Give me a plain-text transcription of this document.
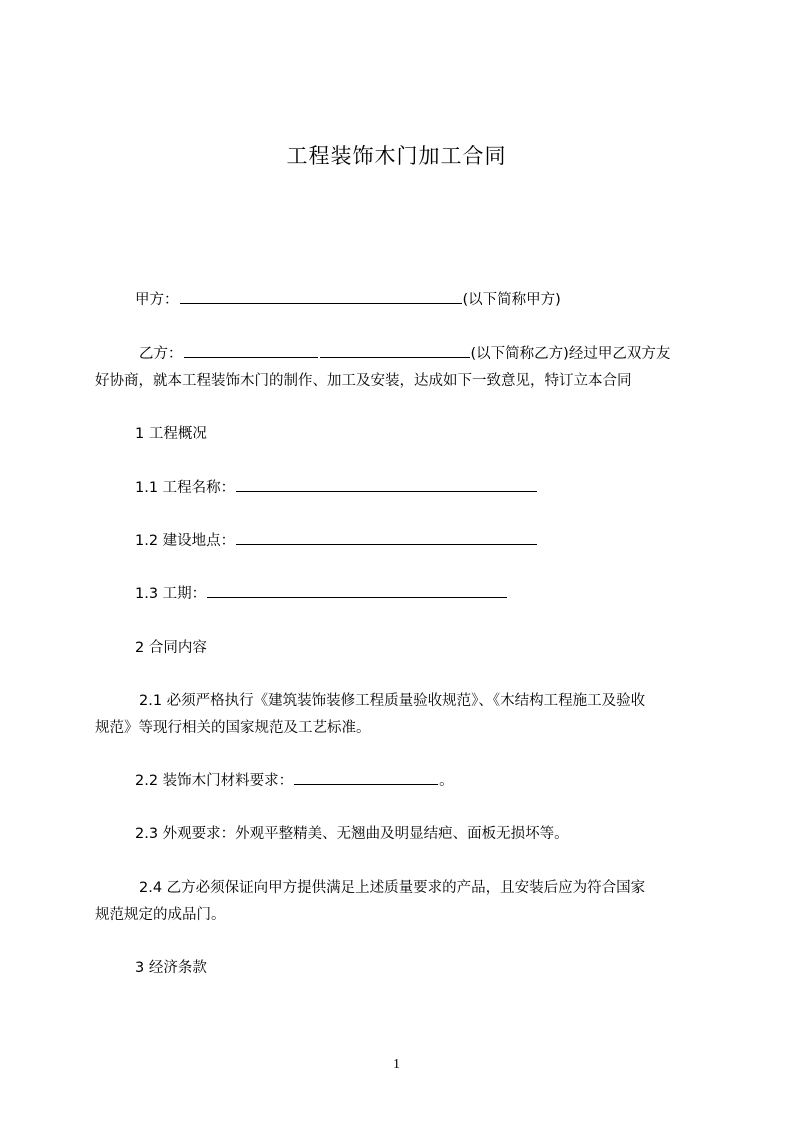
工程装饰木门加工合同
甲方：	(以下简称甲方)
乙方：	(以下简称乙方)经过甲乙双方友
好协商，就本工程装饰木门的制作、加工及安装，达成如下一致意见，特订立本合同
1 工程概况
1.1 工程名称：
1.2 建设地点：
1.3 工期：
2 合同内容
2.1 必须严格执行《建筑装饰装修工程质量验收规范》、《木结构工程施工及验收
规范》等现行相关的国家规范及工艺标准。
2.2 装饰木门材料要求：	。
2.3 外观要求：外观平整精美、无翘曲及明显结疤、面板无损坏等。
2.4 乙方必须保证向甲方提供满足上述质量要求的产品，且安装后应为符合国家
规范规定的成品门。
3 经济条款
1
